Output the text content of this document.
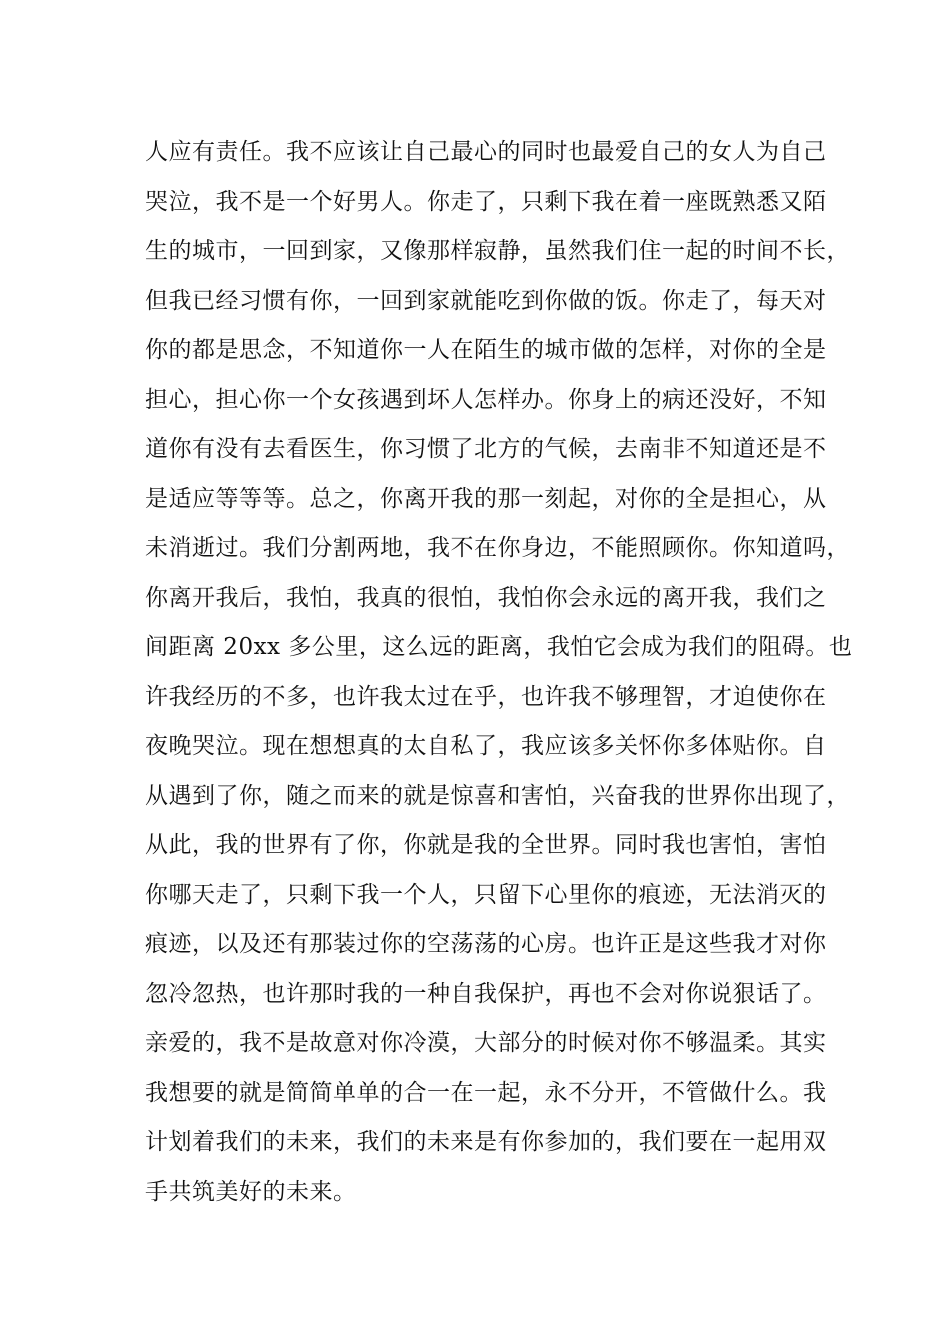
人应有责任。我不应该让自己最心的同时也最爱自己的女人为自己
哭泣，我不是一个好男人。你走了，只剩下我在着一座既熟悉又陌
生的城市，一回到家，又像那样寂静，虽然我们住一起的时间不长，
但我已经习惯有你，一回到家就能吃到你做的饭。你走了，每天对
你的都是思念，不知道你一人在陌生的城市做的怎样，对你的全是
担心，担心你一个女孩遇到坏人怎样办。你身上的病还没好，不知
道你有没有去看医生，你习惯了北方的气候，去南非不知道还是不
是适应等等等。总之，你离开我的那一刻起，对你的全是担心，从
未消逝过。我们分割两地，我不在你身边，不能照顾你。你知道吗，
你离开我后，我怕，我真的很怕，我怕你会永远的离开我，我们之
间距离 20xx 多公里，这么远的距离，我怕它会成为我们的阻碍。也
许我经历的不多，也许我太过在乎，也许我不够理智，才迫使你在
夜晚哭泣。现在想想真的太自私了，我应该多关怀你多体贴你。自
从遇到了你，随之而来的就是惊喜和害怕，兴奋我的世界你出现了，
从此，我的世界有了你，你就是我的全世界。同时我也害怕，害怕
你哪天走了，只剩下我一个人，只留下心里你的痕迹，无法消灭的
痕迹，以及还有那装过你的空荡荡的心房。也许正是这些我才对你
忽冷忽热，也许那时我的一种自我保护，再也不会对你说狠话了。
亲爱的，我不是故意对你冷漠，大部分的时候对你不够温柔。其实
我想要的就是简简单单的合一在一起，永不分开，不管做什么。我
计划着我们的未来，我们的未来是有你参加的，我们要在一起用双
手共筑美好的未来。
